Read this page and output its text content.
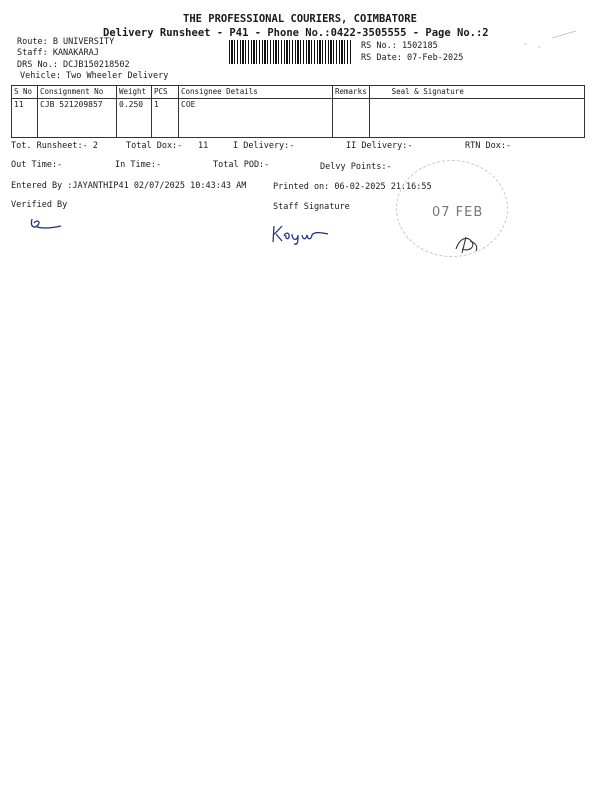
THE PROFESSIONAL COURIERS, COIMBATORE
Delivery Runsheet - P41 - Phone No.:0422-3505555 - Page No.:2
Route: B UNIVERSITY
Staff: KANAKARAJ
DRS No.: DCJB150218502
Vehicle: Two Wheeler Delivery
RS No.: 1502185
RS Date: 07-Feb-2025
S No	Consignment No	Weight	PCS	Consignee Details	Remarks	Seal & Signature
11	CJB 521209857	0.250	1	COE		
Tot. Runsheet:- 2	Total Dox:- 11	I Delivery:-	II Delivery:-	RTN Dox:-
Out Time:-	In Time:-	Total POD:-	Delvy Points:-
Entered By :JAYANTHIP41 02/07/2025 10:43:43 AM	Printed on: 06-02-2025 21:16:55
Verified By	Staff Signature	07 FEB
